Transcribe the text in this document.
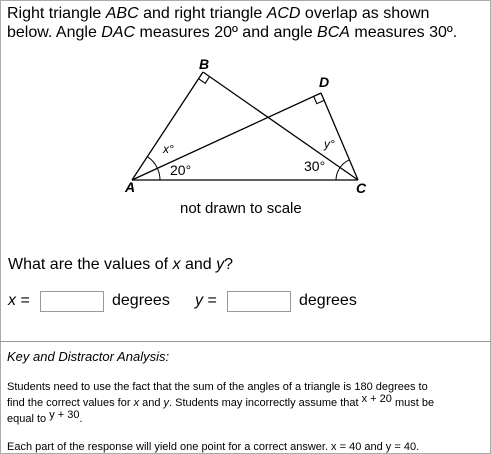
Right triangle ABC and right triangle ACD overlap as shown
below. Angle DAC measures 20º and angle BCA measures 30º.
A
B
C
D
x°
20°	30°
y°
not drawn to scale
What are the values of x and y?
x =	degrees y =	degrees
Key and Distractor Analysis:
Students need to use the fact that the sum of the angles of a triangle is 180 degrees to
find the correct values for x and y. Students may incorrectly assume that x + 20 must be
equal to y + 30.
Each part of the response will yield one point for a correct answer. x = 40 and y = 40.
